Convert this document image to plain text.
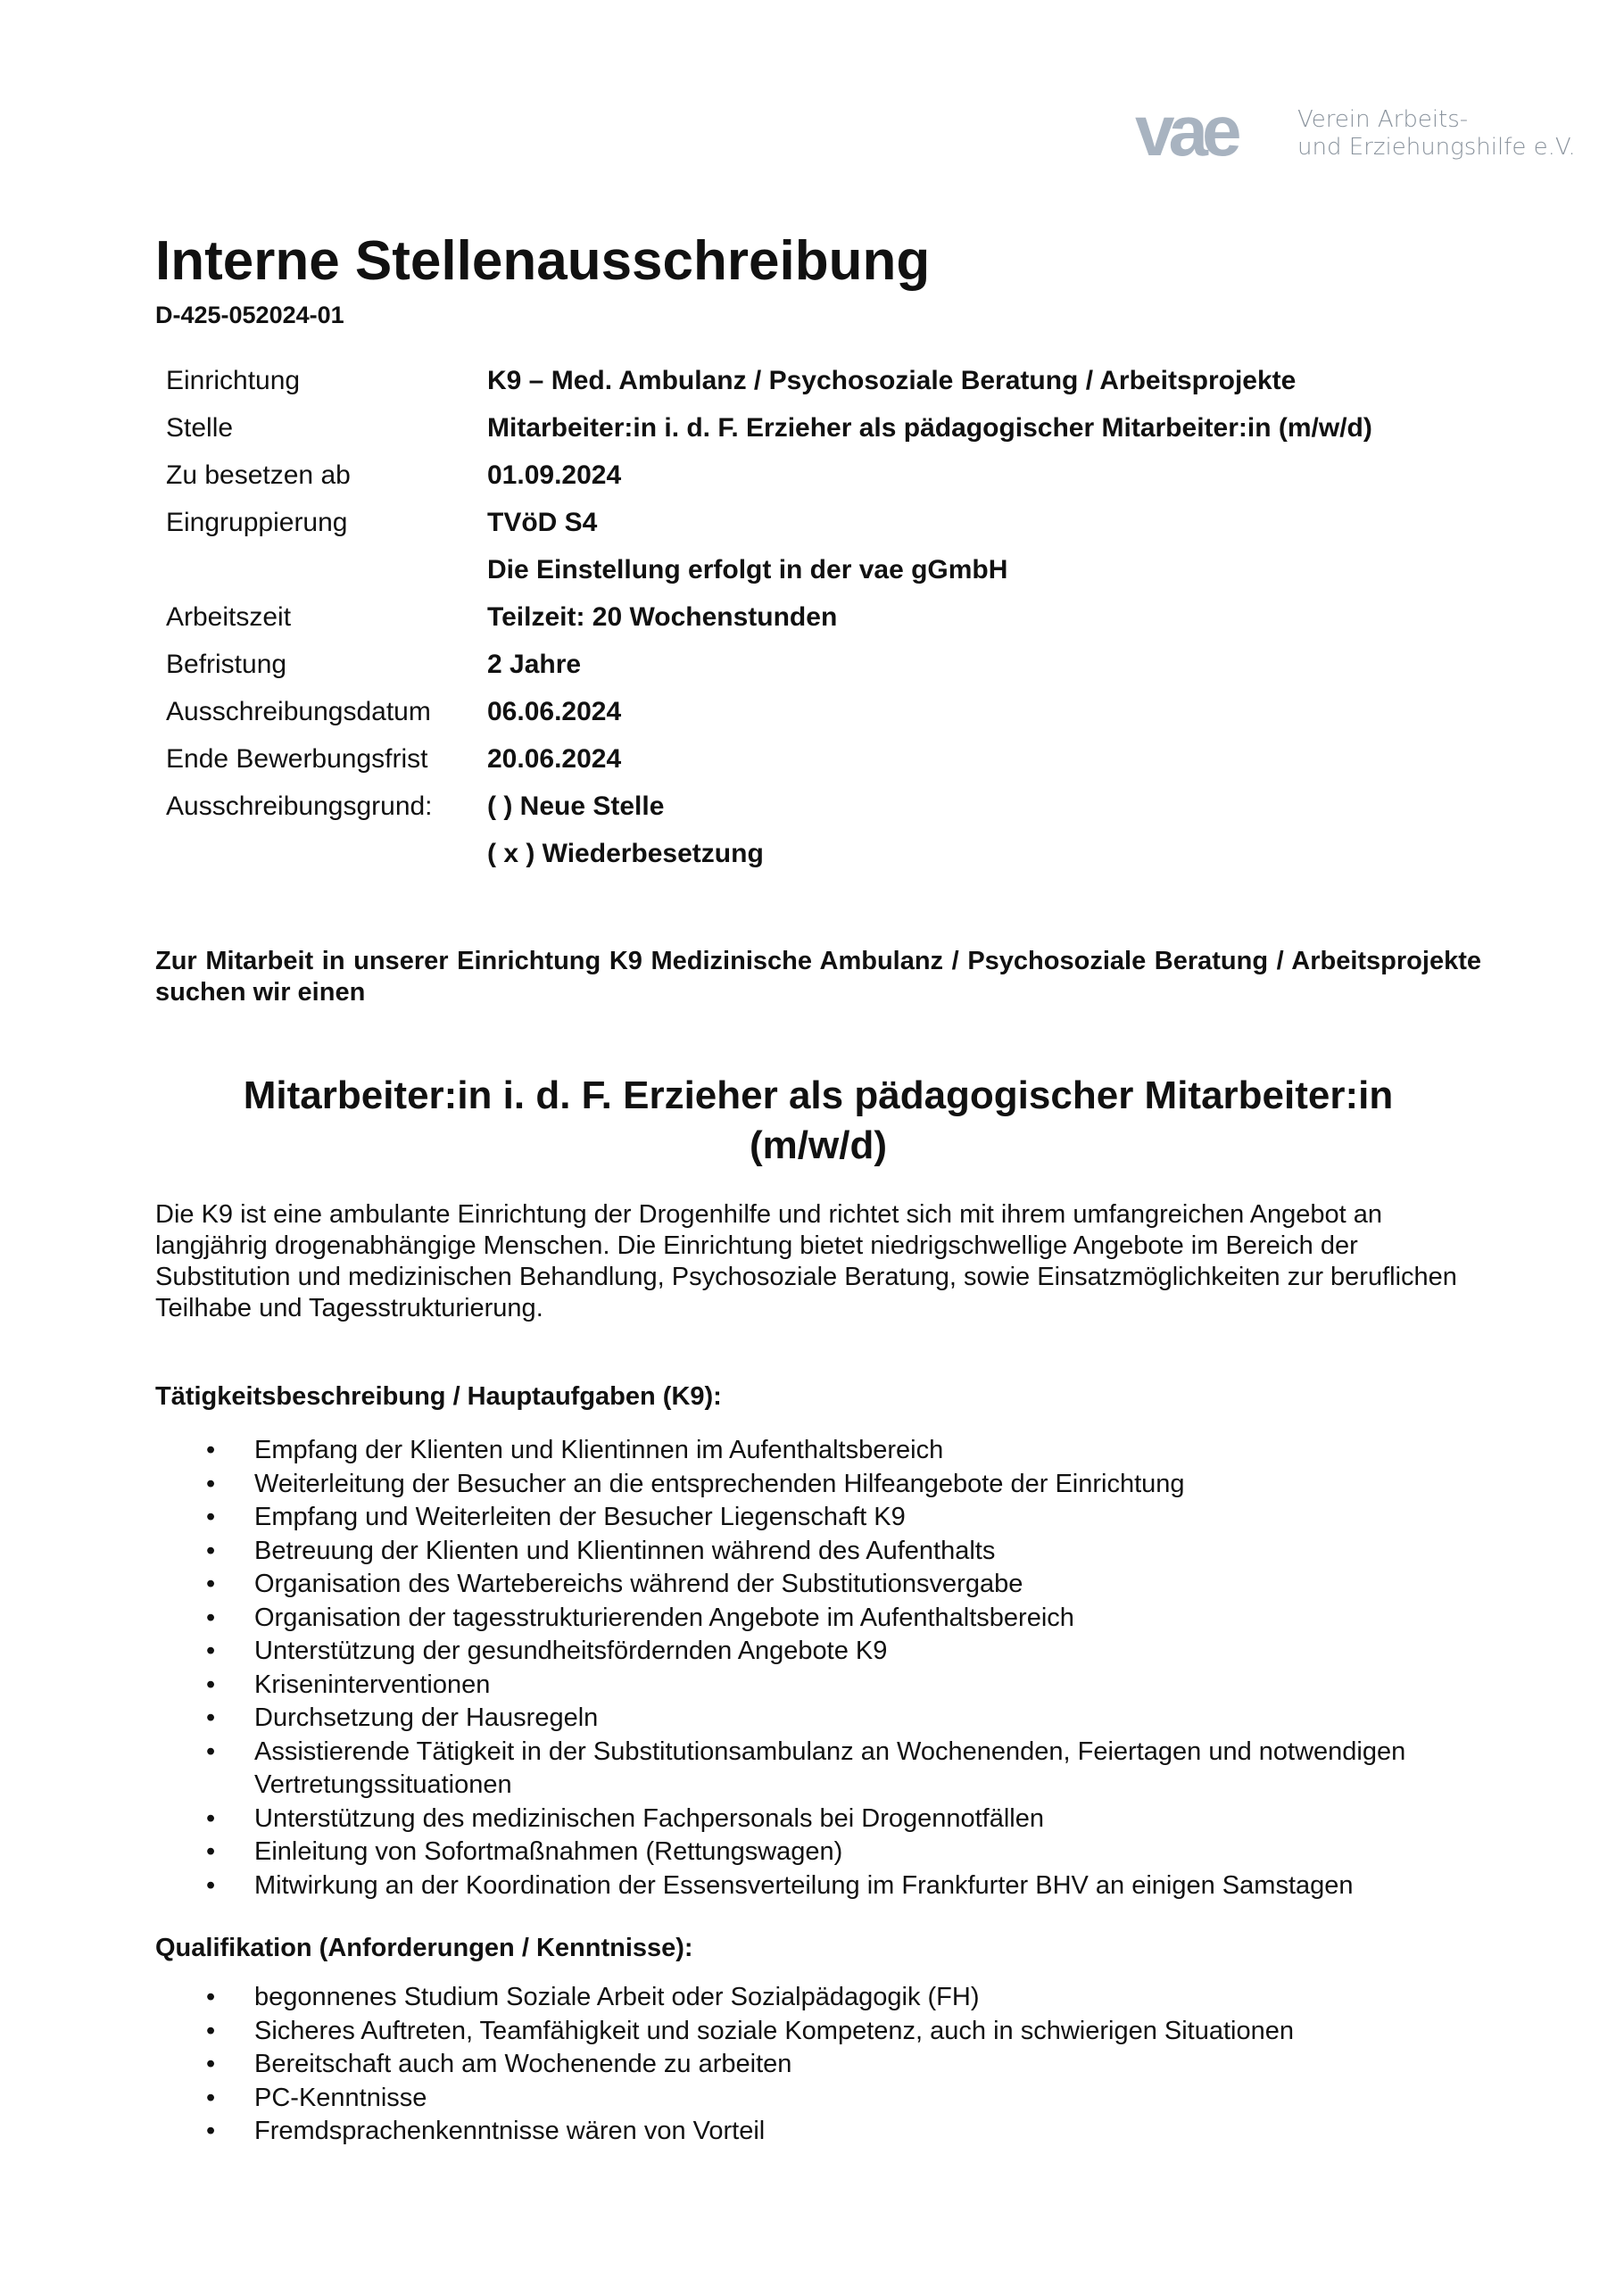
vae	Verein Arbeits-
und Erziehungshilfe e.V.
Interne Stellenausschreibung
D-425-052024-01
Einrichtung	K9 – Med. Ambulanz / Psychosoziale Beratung / Arbeitsprojekte
Stelle	Mitarbeiter:in i. d. F. Erzieher als pädagogischer Mitarbeiter:in (m/w/d)
Zu besetzen ab	01.09.2024
Eingruppierung	TVöD S4
	Die Einstellung erfolgt in der vae gGmbH
Arbeitszeit	Teilzeit: 20 Wochenstunden
Befristung	2 Jahre
Ausschreibungsdatum	06.06.2024
Ende Bewerbungsfrist	20.06.2024
Ausschreibungsgrund:	( ) Neue Stelle
	( x ) Wiederbesetzung

Zur Mitarbeit in unserer Einrichtung K9 Medizinische Ambulanz / Psychosoziale Beratung / Arbeitsprojekte suchen wir einen

Mitarbeiter:in i. d. F. Erzieher als pädagogischer Mitarbeiter:in
(m/w/d)

Die K9 ist eine ambulante Einrichtung der Drogenhilfe und richtet sich mit ihrem umfangreichen Angebot an langjährig drogenabhängige Menschen. Die Einrichtung bietet niedrigschwellige Angebote im Bereich der Substitution und medizinischen Behandlung, Psychosoziale Beratung, sowie Einsatzmöglichkeiten zur beruflichen Teilhabe und Tagesstrukturierung.

Tätigkeitsbeschreibung / Hauptaufgaben (K9):
• Empfang der Klienten und Klientinnen im Aufenthaltsbereich
• Weiterleitung der Besucher an die entsprechenden Hilfeangebote der Einrichtung
• Empfang und Weiterleiten der Besucher Liegenschaft K9
• Betreuung der Klienten und Klientinnen während des Aufenthalts
• Organisation des Wartebereichs während der Substitutionsvergabe
• Organisation der tagesstrukturierenden Angebote im Aufenthaltsbereich
• Unterstützung der gesundheitsfördernden Angebote K9
• Kriseninterventionen
• Durchsetzung der Hausregeln
• Assistierende Tätigkeit in der Substitutionsambulanz an Wochenenden, Feiertagen und notwendigen Vertretungssituationen
• Unterstützung des medizinischen Fachpersonals bei Drogennotfällen
• Einleitung von Sofortmaßnahmen (Rettungswagen)
• Mitwirkung an der Koordination der Essensverteilung im Frankfurter BHV an einigen Samstagen
Qualifikation (Anforderungen / Kenntnisse):
• begonnenes Studium Soziale Arbeit oder Sozialpädagogik (FH)
• Sicheres Auftreten, Teamfähigkeit und soziale Kompetenz, auch in schwierigen Situationen
• Bereitschaft auch am Wochenende zu arbeiten
• PC-Kenntnisse
• Fremdsprachenkenntnisse wären von Vorteil
